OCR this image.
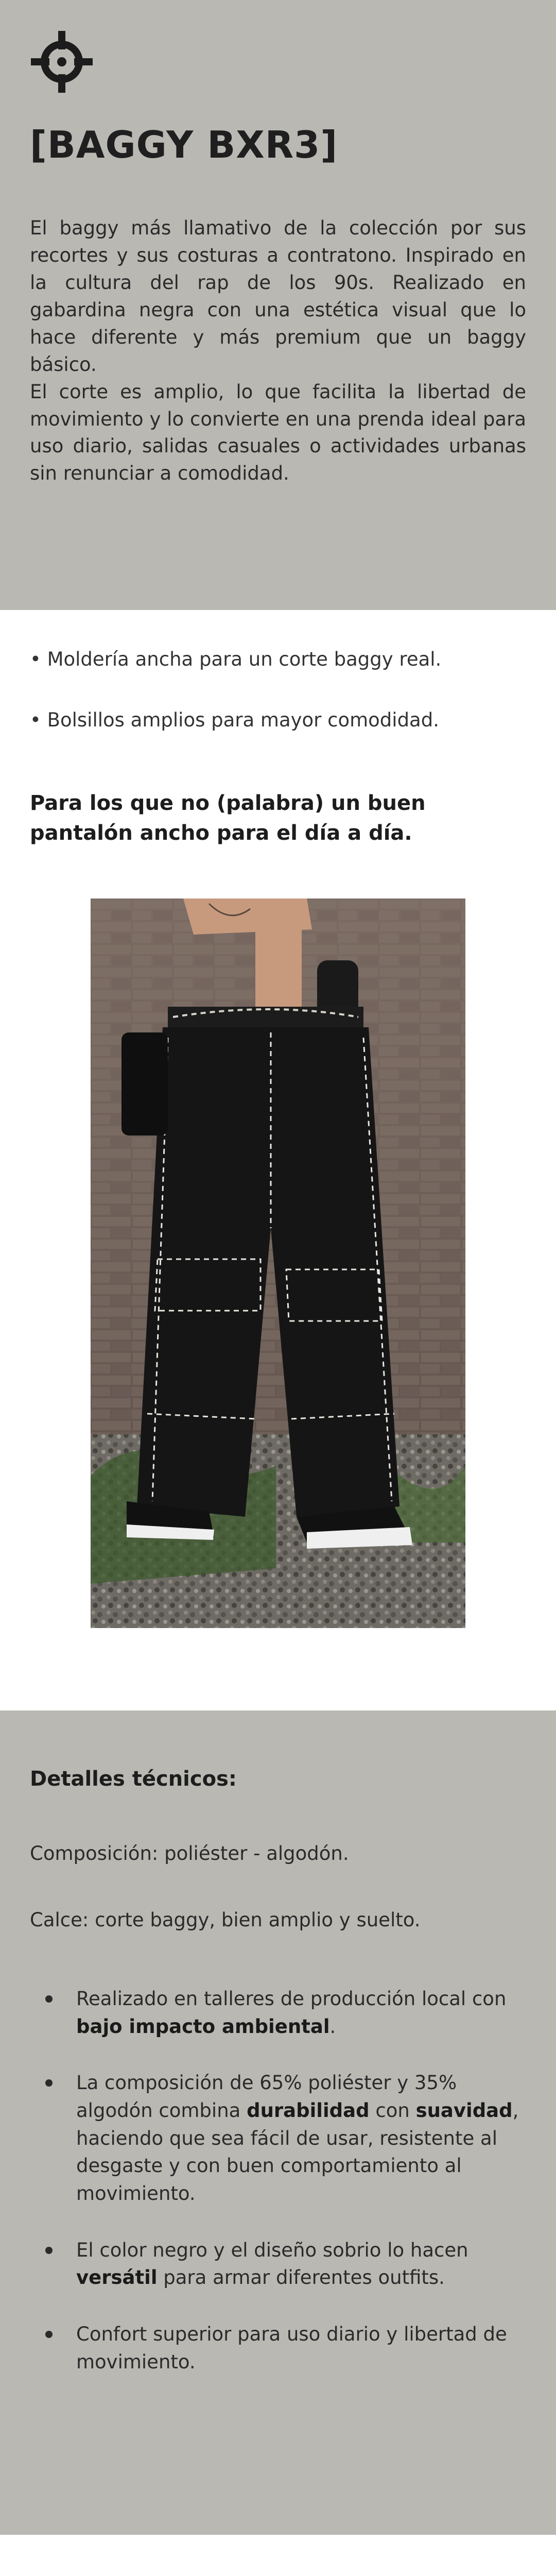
[BAGGY BXR3]

El baggy más llamativo de la colección por sus recortes y sus costuras a contratono. Inspirado en la cultura del rap de los 90s. Realizado en gabardina negra con una estética visual que lo hace diferente y más premium que un baggy básico.

El corte es amplio, lo que facilita la libertad de movimiento y lo convierte en una prenda ideal para uso diario, salidas casuales o actividades urbanas sin renunciar a comodidad.

• Moldería ancha para un corte baggy real.

• Bolsillos amplios para mayor comodidad.

Para los que no (palabra) un buen pantalón ancho para el día a día.
Detalles técnicos:
Composición: poliéster - algodón.
Calce: corte baggy, bien amplio y suelto.
Realizado en talleres de producción local con bajo impacto ambiental.
La composición de 65% poliéster y 35% algodón combina durabilidad con suavidad, haciendo que sea fácil de usar, resistente al desgaste y con buen comportamiento al movimiento.
El color negro y el diseño sobrio lo hacen versátil para armar diferentes outfits.
Confort superior para uso diario y libertad de movimiento.
